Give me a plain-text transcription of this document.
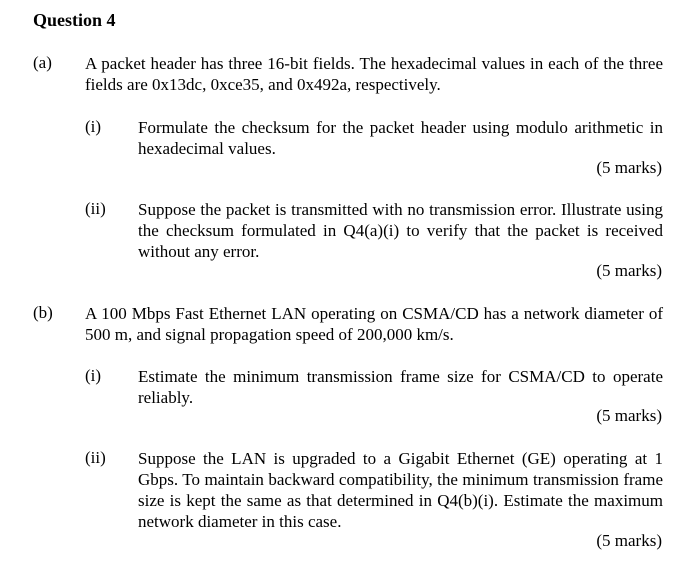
Question 4
(a) A packet header has three 16-bit fields. The hexadecimal values in each of the three fields are 0x13dc, 0xce35, and 0x492a, respectively.
(i) Formulate the checksum for the packet header using modulo arithmetic in hexadecimal values.
(5 marks)
(ii) Suppose the packet is transmitted with no transmission error. Illustrate using the checksum formulated in Q4(a)(i) to verify that the packet is received without any error.
(5 marks)
(b) A 100 Mbps Fast Ethernet LAN operating on CSMA/CD has a network diameter of 500 m, and signal propagation speed of 200,000 km/s.
(i) Estimate the minimum transmission frame size for CSMA/CD to operate reliably.
(5 marks)
(ii) Suppose the LAN is upgraded to a Gigabit Ethernet (GE) operating at 1 Gbps. To maintain backward compatibility, the minimum transmission frame size is kept the same as that determined in Q4(b)(i). Estimate the maximum network diameter in this case.
(5 marks)
